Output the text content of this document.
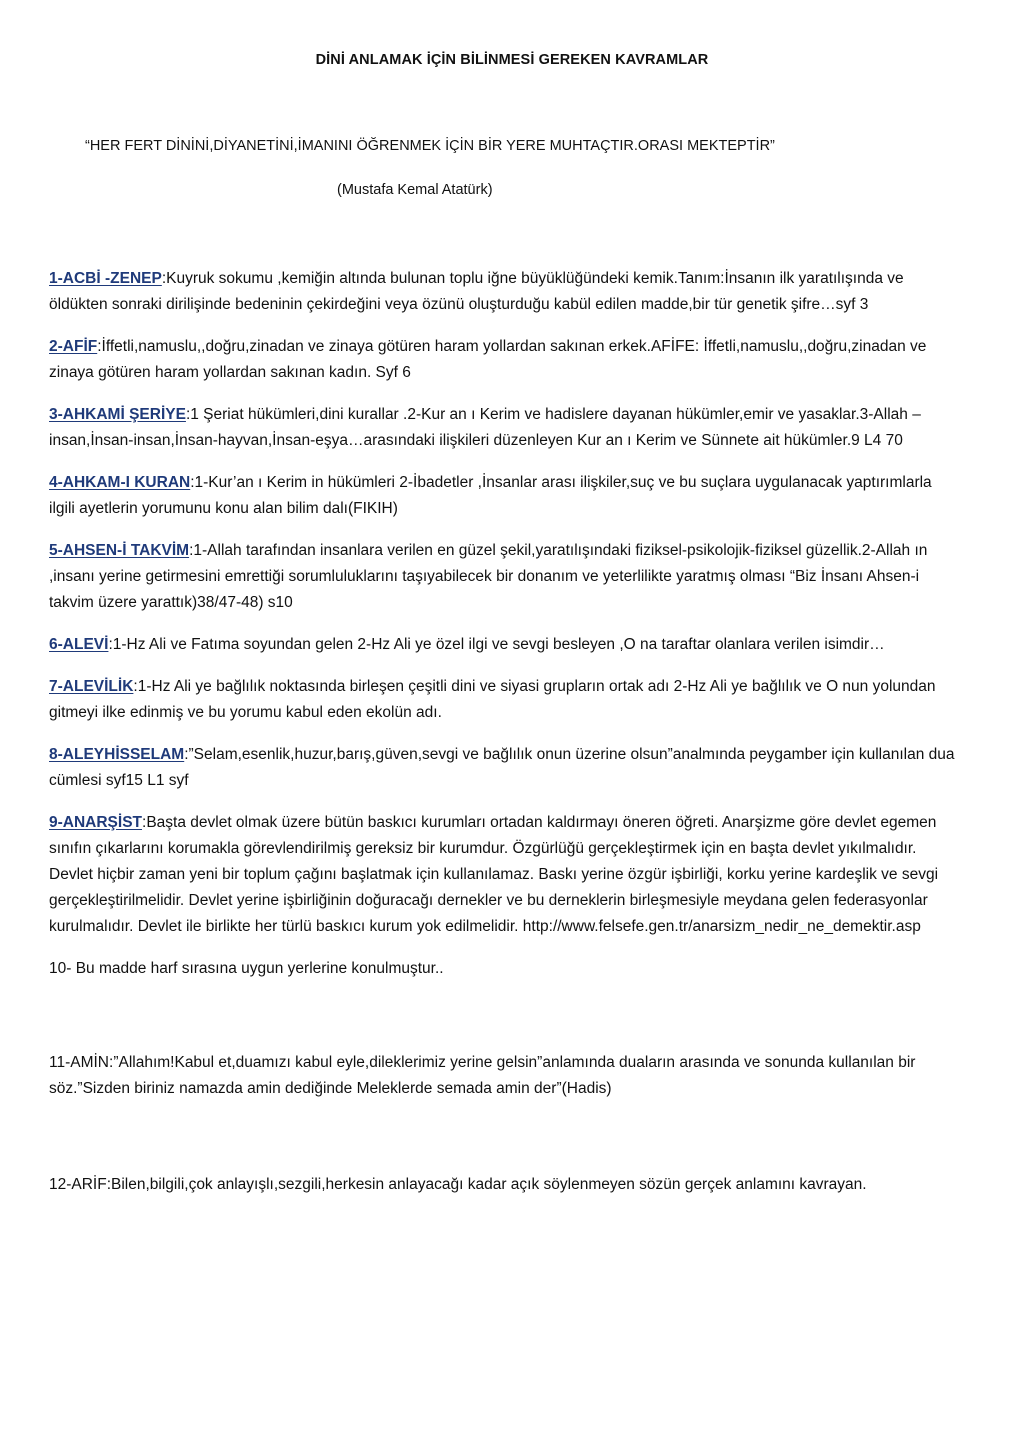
DİNİ ANLAMAK İÇİN BİLİNMESİ GEREKEN KAVRAMLAR
“HER FERT DİNİNİ,DİYANETİNİ,İMANINI ÖĞRENMEK İÇİN BİR YERE MUHTAÇTIR.ORASI MEKTEPTİR”
(Mustafa Kemal Atatürk)

1-ACBİ -ZENEP:Kuyruk sokumu ,kemiğin altında bulunan toplu iğne büyüklüğündeki kemik.Tanım:İnsanın ilk yaratılışında ve öldükten sonraki dirilişinde bedeninin çekirdeğini veya özünü oluşturduğu kabül edilen madde,bir tür genetik şifre…syf 3

2-AFİF:İffetli,namuslu,,doğru,zinadan ve zinaya götüren haram yollardan sakınan erkek.AFİFE: İffetli,namuslu,,doğru,zinadan ve zinaya götüren haram yollardan sakınan kadın. Syf 6

3-AHKAMİ ŞERİYE:1 Şeriat hükümleri,dini kurallar .2-Kur an ı Kerim ve hadislere dayanan hükümler,emir ve yasaklar.3-Allah –insan,İnsan-insan,İnsan-hayvan,İnsan-eşya…arasındaki ilişkileri düzenleyen Kur an ı Kerim ve Sünnete ait hükümler.9 L4 70

4-AHKAM-I KURAN:1-Kur’an ı Kerim in hükümleri 2-İbadetler ,İnsanlar arası ilişkiler,suç ve bu suçlara uygulanacak yaptırımlarla ilgili ayetlerin yorumunu konu alan bilim dalı(FIKIH)

5-AHSEN-İ TAKVİM:1-Allah tarafından insanlara verilen en güzel şekil,yaratılışındaki fiziksel-psikolojik-fiziksel güzellik.2-Allah ın ,insanı yerine getirmesini emrettiği sorumluluklarını taşıyabilecek bir donanım ve yeterlilikte yaratmış olması “Biz İnsanı Ahsen-i takvim üzere yarattık)38/47-48) s10

6-ALEVİ:1-Hz Ali ve Fatıma soyundan gelen 2-Hz Ali ye özel ilgi ve sevgi besleyen ,O na taraftar olanlara verilen isimdir…

7-ALEVİLİK:1-Hz Ali ye bağlılık noktasında birleşen çeşitli dini ve siyasi grupların ortak adı 2-Hz Ali ye bağlılık ve O nun yolundan gitmeyi ilke edinmiş ve bu yorumu kabul eden ekolün adı.

8-ALEYHİSSELAM:”Selam,esenlik,huzur,barış,güven,sevgi ve bağlılık onun üzerine olsun”analmında peygamber için kullanılan dua cümlesi syf15 L1 syf

9-ANARŞİST:Başta devlet olmak üzere bütün baskıcı kurumları ortadan kaldırmayı öneren öğreti. Anarşizme göre devlet egemen sınıfın çıkarlarını korumakla görevlendirilmiş gereksiz bir kurumdur. Özgürlüğü gerçekleştirmek için en başta devlet yıkılmalıdır. Devlet hiçbir zaman yeni bir toplum çağını başlatmak için kullanılamaz. Baskı yerine özgür işbirliği, korku yerine kardeşlik ve sevgi gerçekleştirilmelidir. Devlet yerine işbirliğinin doğuracağı dernekler ve bu derneklerin birleşmesiyle meydana gelen federasyonlar kurulmalıdır. Devlet ile birlikte her türlü baskıcı kurum yok edilmelidir. http://www.felsefe.gen.tr/anarsizm_nedir_ne_demektir.asp

10- Bu madde harf sırasına uygun yerlerine konulmuştur..

11-AMİN:”Allahım!Kabul et,duamızı kabul eyle,dileklerimiz yerine gelsin”anlamında duaların arasında ve sonunda kullanılan bir söz.”Sizden biriniz namazda amin dediğinde Meleklerde semada amin der”(Hadis)

12-ARİF:Bilen,bilgili,çok anlayışlı,sezgili,herkesin anlayacağı kadar açık söylenmeyen sözün gerçek anlamını kavrayan.
